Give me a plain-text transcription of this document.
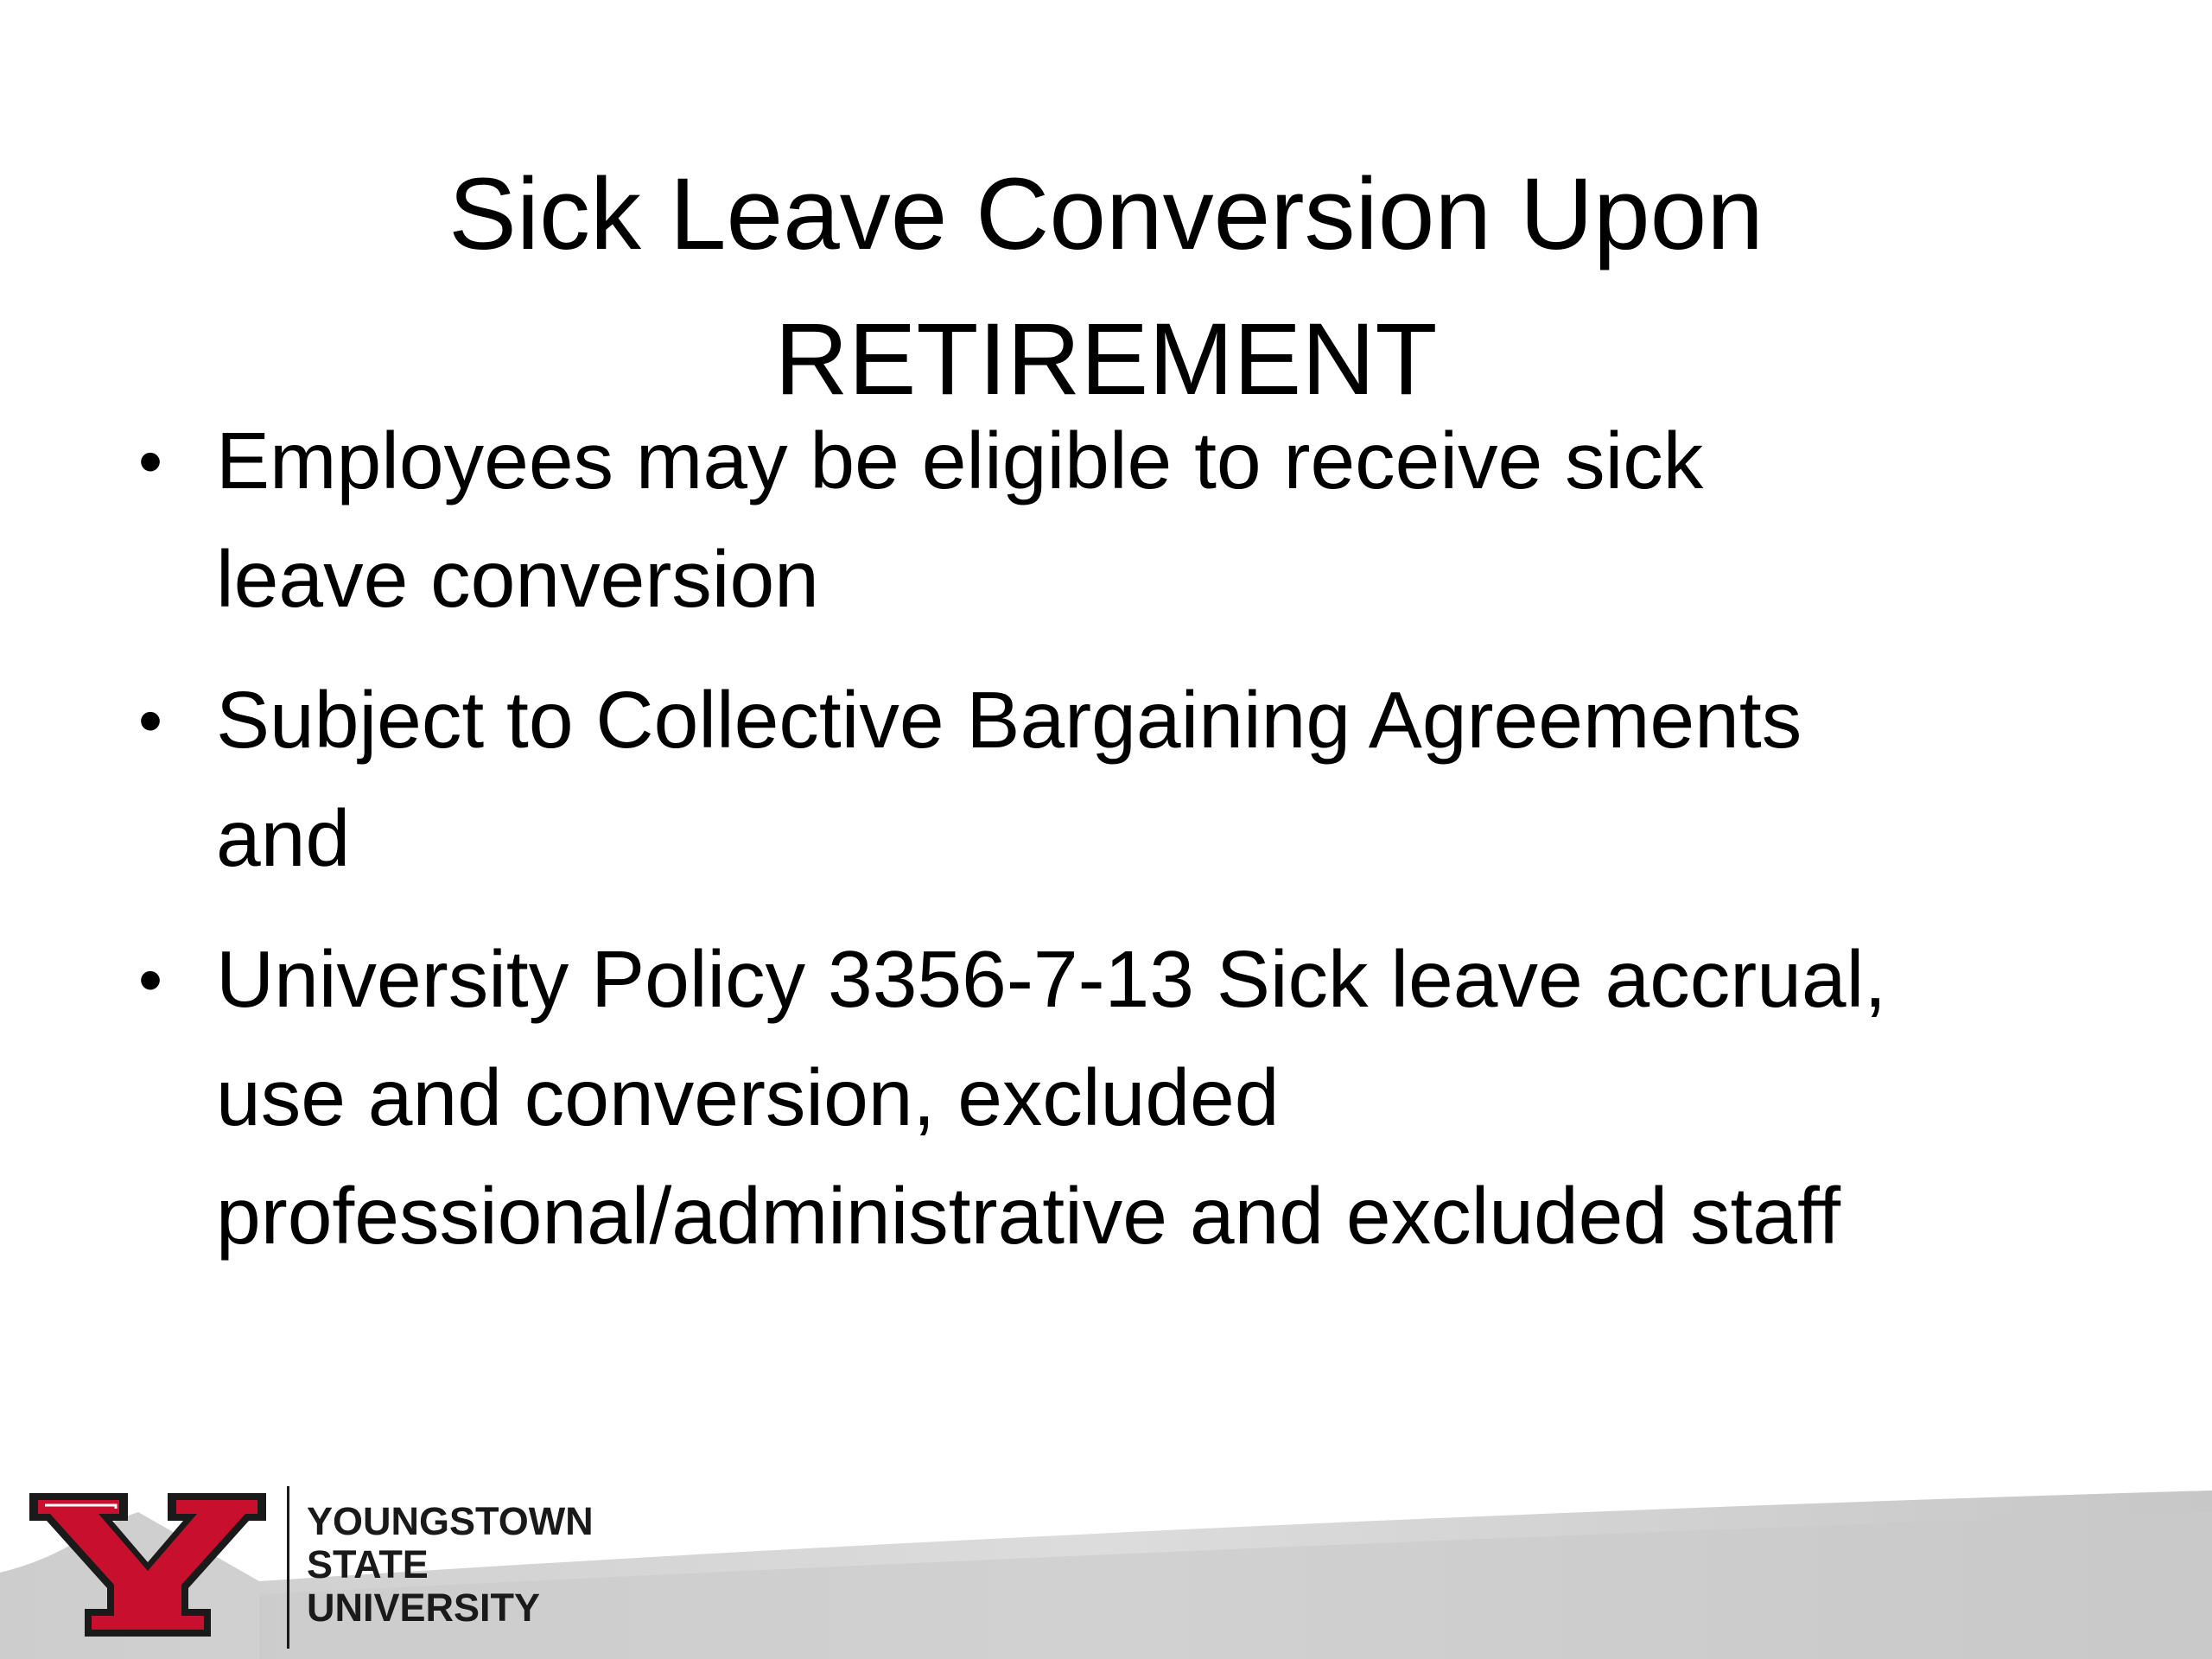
Sick Leave Conversion Upon
RETIREMENT
• Employees may be eligible to receive sick
leave conversion
• Subject to Collective Bargaining Agreements
and
• University Policy 3356-7-13 Sick leave accrual,
use and conversion, excluded
professional/administrative and excluded staff
YOUNGSTOWN
STATE
UNIVERSITY
